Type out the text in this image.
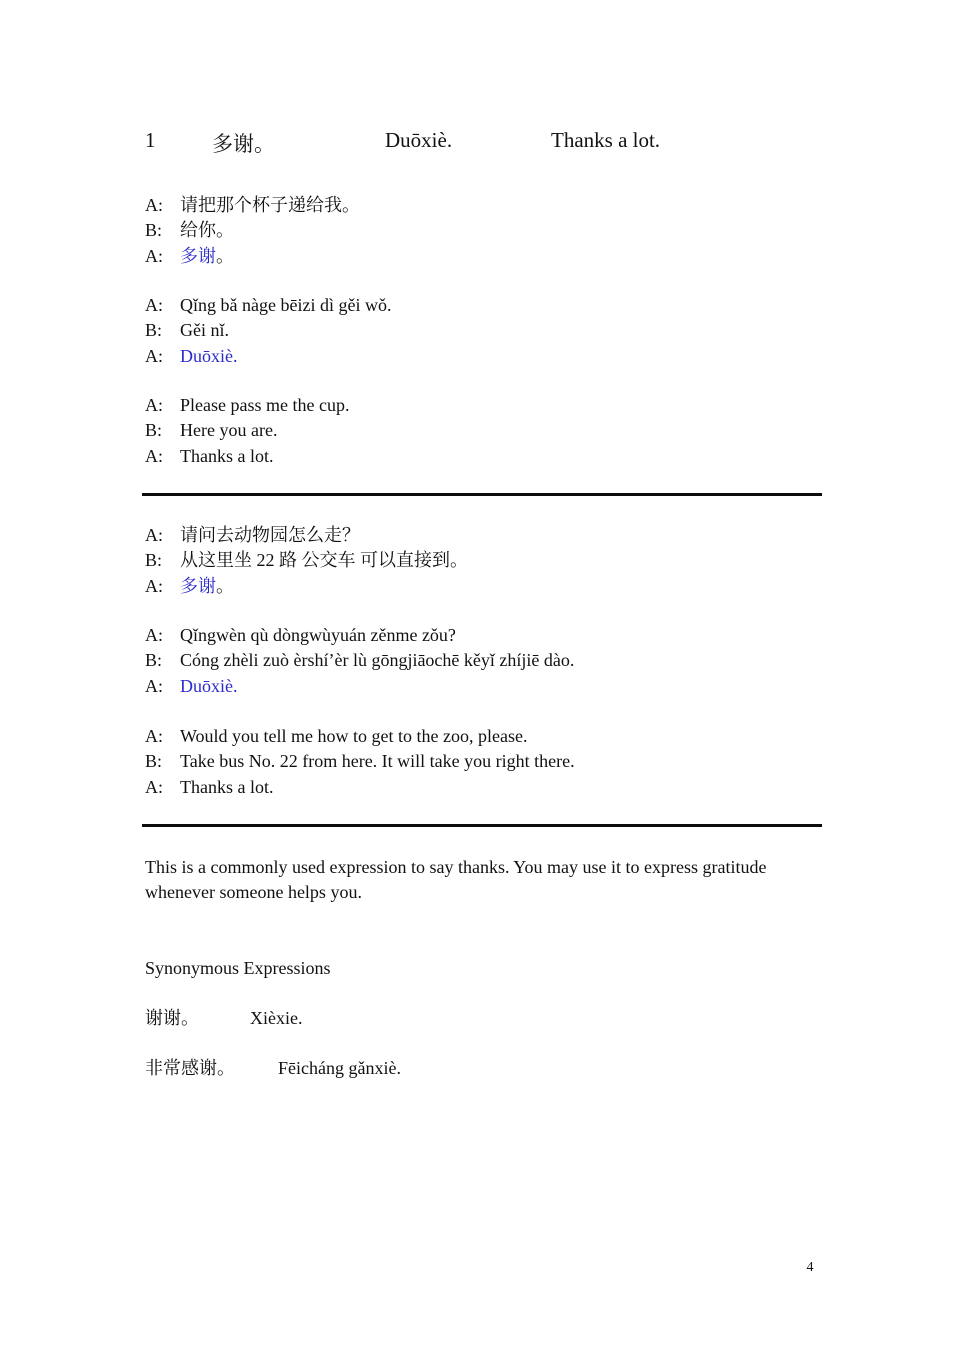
1	多谢。	Duōxiè.	Thanks a lot.
A: 请把那个杯子递给我。
B: 给你。
A: 多谢。
A: Qǐng bǎ nàge bēizi dì gěi wǒ.
B: Gěi nǐ.
A: Duōxiè.
A: Please pass me the cup.
B: Here you are.
A: Thanks a lot.
A: 请问去动物园怎么走？
B: 从这里坐 22 路 公交车 可以直接到。
A: 多谢。
A: Qǐngwèn qù dòngwùyuán zěnme zǒu?
B: Cóng zhèli zuò èrshí’èr lù gōngjiāochē kěyǐ zhíjiē dào.
A: Duōxiè.
A: Would you tell me how to get to the zoo, please.
B: Take bus No. 22 from here. It will take you right there.
A: Thanks a lot.
This is a commonly used expression to say thanks. You may use it to express gratitude whenever someone helps you.
Synonymous Expressions
谢谢。	Xièxie.
非常感谢。 Fēicháng gǎnxiè.
4
